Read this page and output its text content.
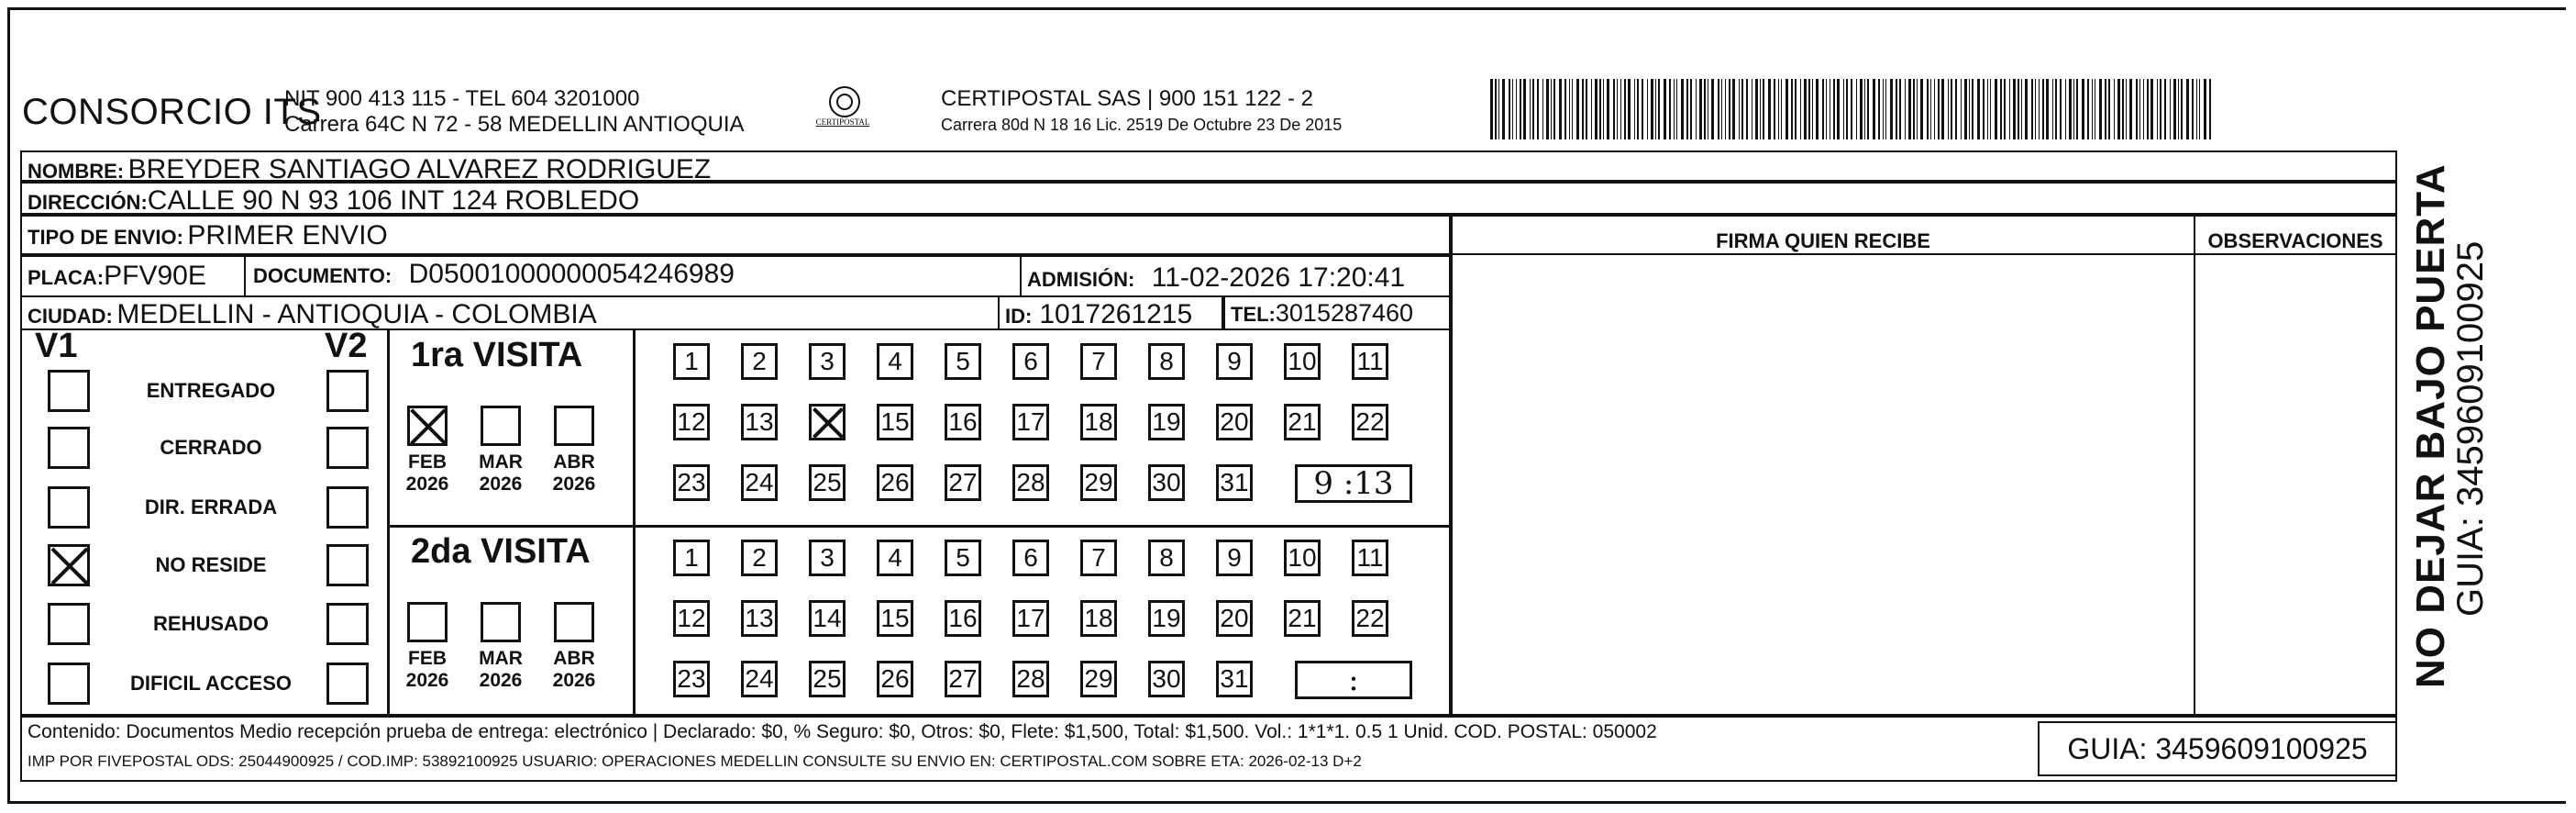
CONSORCIO ITS
NIT 900 413 115 - TEL 604 3201000
Carrera 64C N 72 - 58 MEDELLIN ANTIOQUIA	CERTIPOSTAL
CERTIPOSTAL SAS | 900 151 122 - 2
Carrera 80d N 18 16 Lic. 2519 De Octubre 23 De 2015
NOMBRE: BREYDER SANTIAGO ALVAREZ RODRIGUEZ
DIRECCIÓN:CALLE 90 N 93 106 INT 124 ROBLEDO
TIPO DE ENVIO: PRIMER ENVIO
PLACA:PFV90E DOCUMENTO: D05001000000054246989	ADMISIÓN: 11-02-2026 17:20:41
CIUDAD: MEDELLIN - ANTIOQUIA - COLOMBIA	ID: 1017261215 TEL:3015287460
FIRMA QUIEN RECIBE	OBSERVACIONES
V1	V2
ENTREGADO
CERRADO
DIR. ERRADA
NO RESIDE
REHUSADO
DIFICIL ACCESO
1ra VISITA
FEB
2026
MAR
2026
ABR
2026
1	2	3	4	5	6	7	8	9	10 11
12 13	15 16 17 18 19 20 21 22
23 24 25 26 27 28 29 30 31	9 :13
2da VISITA
FEB
2026
MAR
2026
ABR
2026
1	2	3	4	5	6	7	8	9	10 11
12 13 14 15 16 17 18 19 20 21 22
23 24 25 26 27 28 29 30 31	:
Contenido: Documentos Medio recepción prueba de entrega: electrónico | Declarado: $0, % Seguro: $0, Otros: $0, Flete: $1,500, Total: $1,500. Vol.: 1*1*1. 0.5 1 Unid. COD. POSTAL: 050002
IMP POR FIVEPOSTAL ODS: 25044900925 / COD.IMP: 53892100925 USUARIO: OPERACIONES MEDELLIN CONSULTE SU ENVIO EN: CERTIPOSTAL.COM SOBRE ETA: 2026-02-13 D+2	GUIA: 3459609100925
NO DEJAR BAJO PUERTA
GUIA: 3459609100925
